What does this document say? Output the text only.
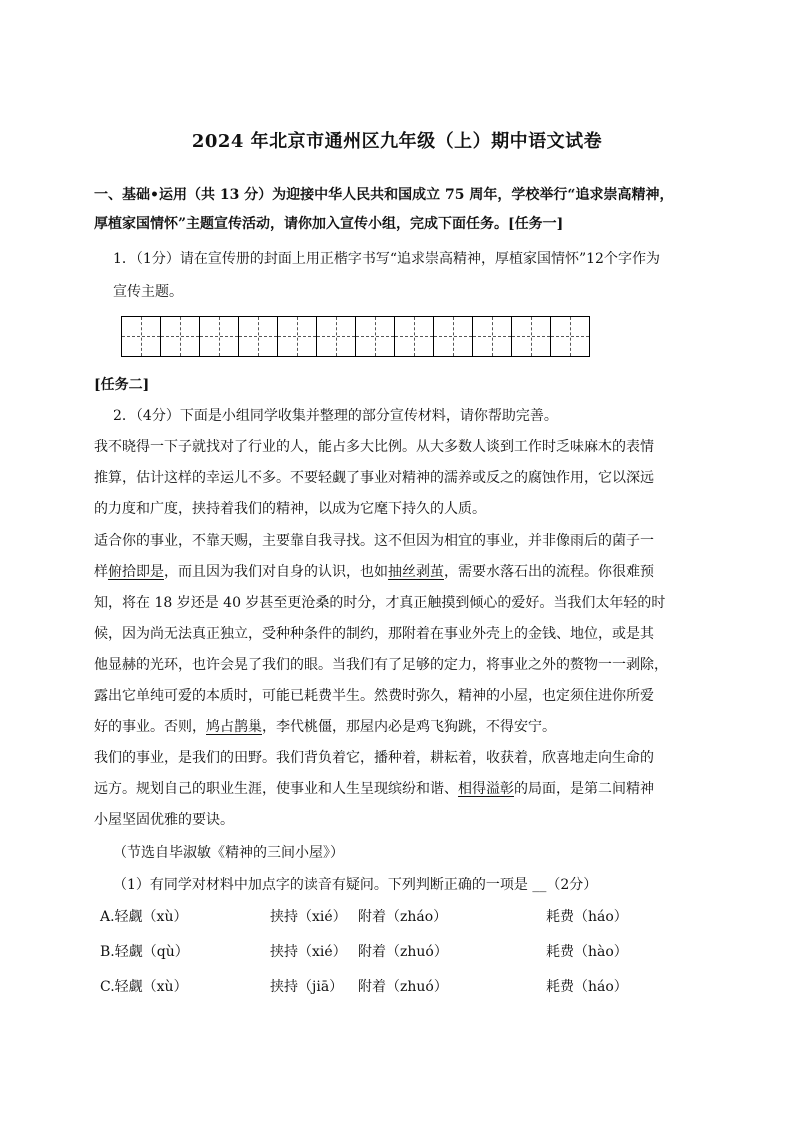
2024 年北京市通州区九年级（上）期中语文试卷
一、基础•运用（共 13 分）为迎接中华人民共和国成立 75 周年，学校举行“追求崇高精神，
厚植家国情怀”主题宣传活动，请你加入宣传小组，完成下面任务。[任务一]
1．（1分）请在宣传册的封面上用正楷字书写“追求崇高精神，厚植家国情怀”12个字作为
宣传主题。
[任务二]
2．（4分）下面是小组同学收集并整理的部分宣传材料，请你帮助完善。
我不晓得一下子就找对了行业的人，能占多大比例。从大多数人谈到工作时乏味麻木的表情
推算，估计这样的幸运儿不多。不要轻觑了事业对精神的濡养或反之的腐蚀作用，它以深远
的力度和广度，挟持着我们的精神，以成为它麾下持久的人质。
适合你的事业，不靠天赐，主要靠自我寻找。这不但因为相宜的事业，并非像雨后的菌子一
样俯拾即是，而且因为我们对自身的认识，也如抽丝剥茧，需要水落石出的流程。你很难预
知，将在 18 岁还是 40 岁甚至更沧桑的时分，才真正触摸到倾心的爱好。当我们太年轻的时
候，因为尚无法真正独立，受种种条件的制约，那附着在事业外壳上的金钱、地位，或是其
他显赫的光环，也许会晃了我们的眼。当我们有了足够的定力，将事业之外的赘物一一剥除，
露出它单纯可爱的本质时，可能已耗费半生。然费时弥久，精神的小屋，也定须住进你所爱
好的事业。否则，鸠占鹊巢，李代桃僵，那屋内必是鸡飞狗跳，不得安宁。
我们的事业，是我们的田野。我们背负着它，播种着，耕耘着，收获着，欣喜地走向生命的
远方。规划自己的职业生涯，使事业和人生呈现缤纷和谐、相得溢彰的局面，是第二间精神
小屋坚固优雅的要诀。
（节选自毕淑敏《精神的三间小屋》）
（1）有同学对材料中加点字的读音有疑问。下列判断正确的一项是 __（2分）
A.轻觑（xù）	挟持（xié） 附着（zháo）	耗费（háo）
B.轻觑（qù）	挟持（xié） 附着（zhuó）	耗费（hào）
C.轻觑（xù）	挟持（jiā） 附着（zhuó）	耗费（háo）
